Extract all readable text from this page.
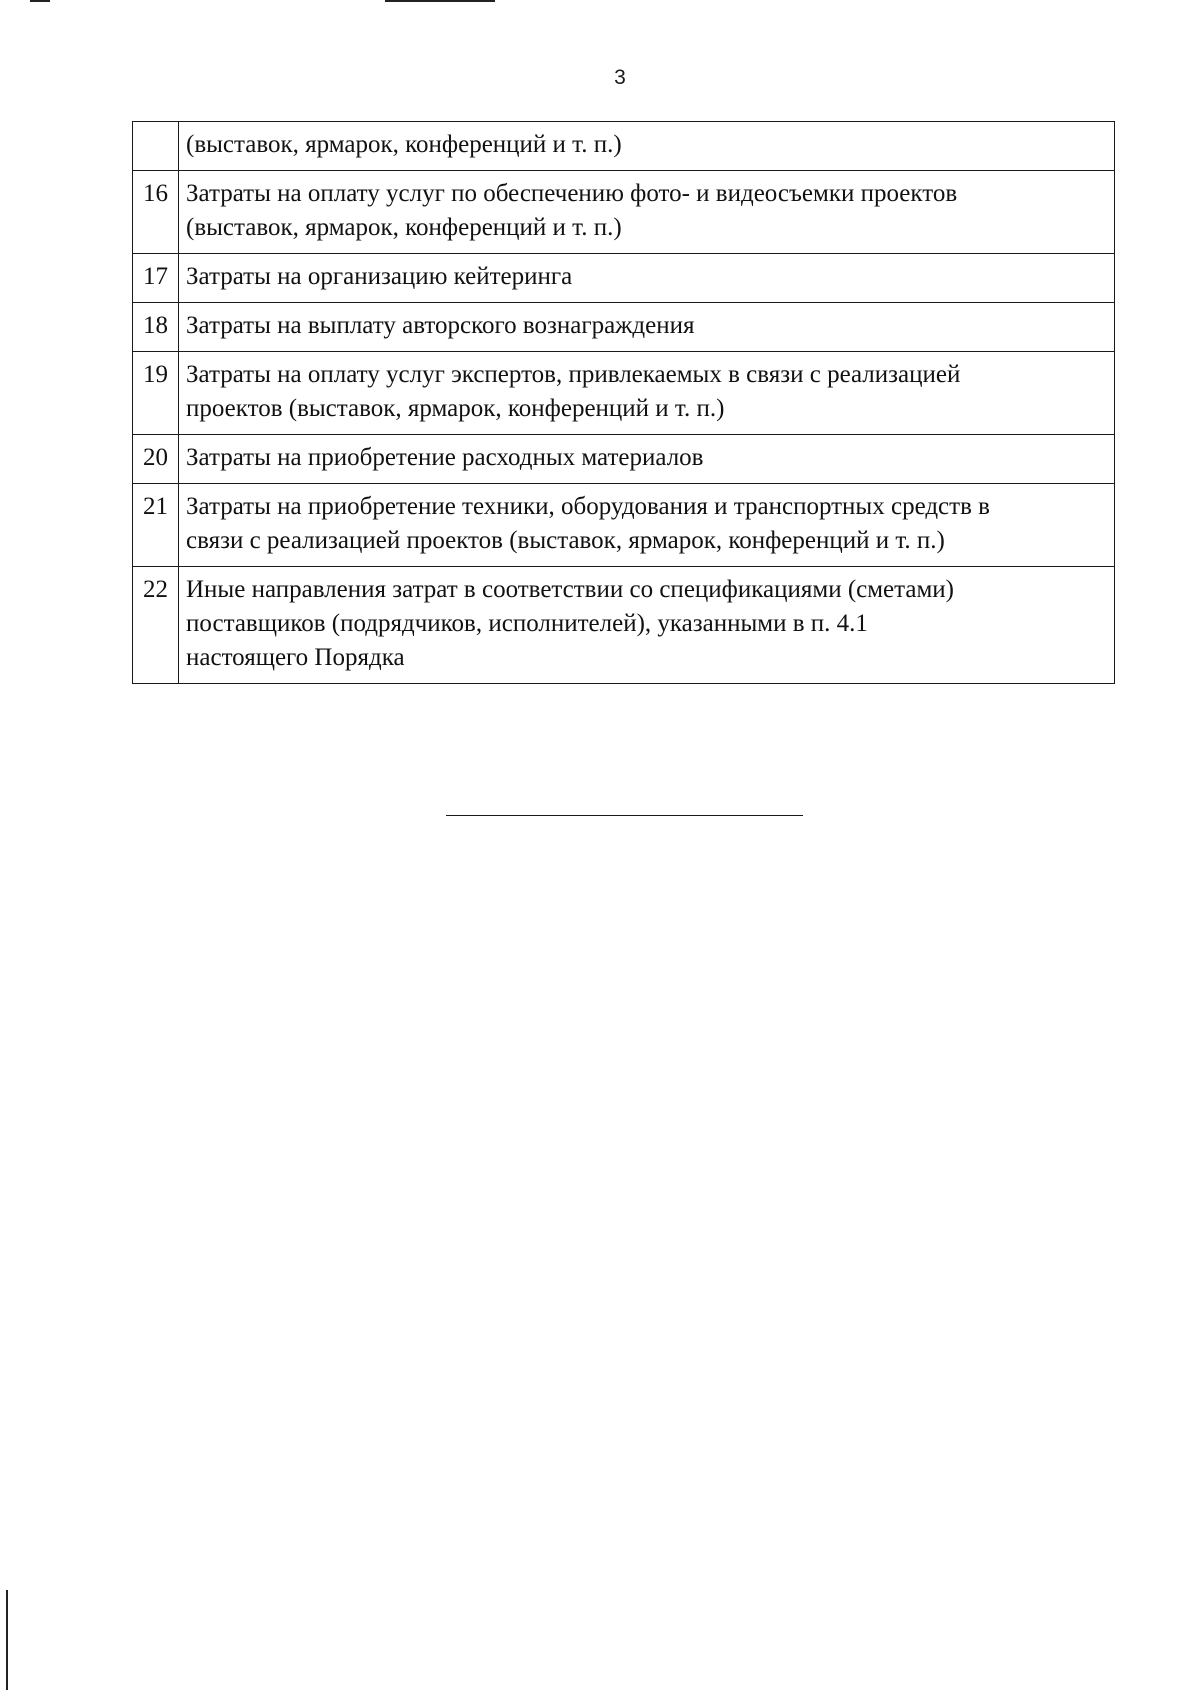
3

	(выставок, ярмарок, конференций и т. п.)

16	Затраты на оплату услуг по обеспечению фото- и видеосъемки проектов
(выставок, ярмарок, конференций и т. п.)

17	Затраты на организацию кейтеринга

18	Затраты на выплату авторского вознаграждения

19	Затраты на оплату услуг экспертов, привлекаемых в связи с реализацией
проектов (выставок, ярмарок, конференций и т. п.)

20	Затраты на приобретение расходных материалов

21	Затраты на приобретение техники, оборудования и транспортных средств в
связи с реализацией проектов (выставок, ярмарок, конференций и т. п.)

22	Иные направления затрат в соответствии со спецификациями (сметами)
поставщиков (подрядчиков, исполнителей), указанными в п. 4.1
настоящего Порядка
